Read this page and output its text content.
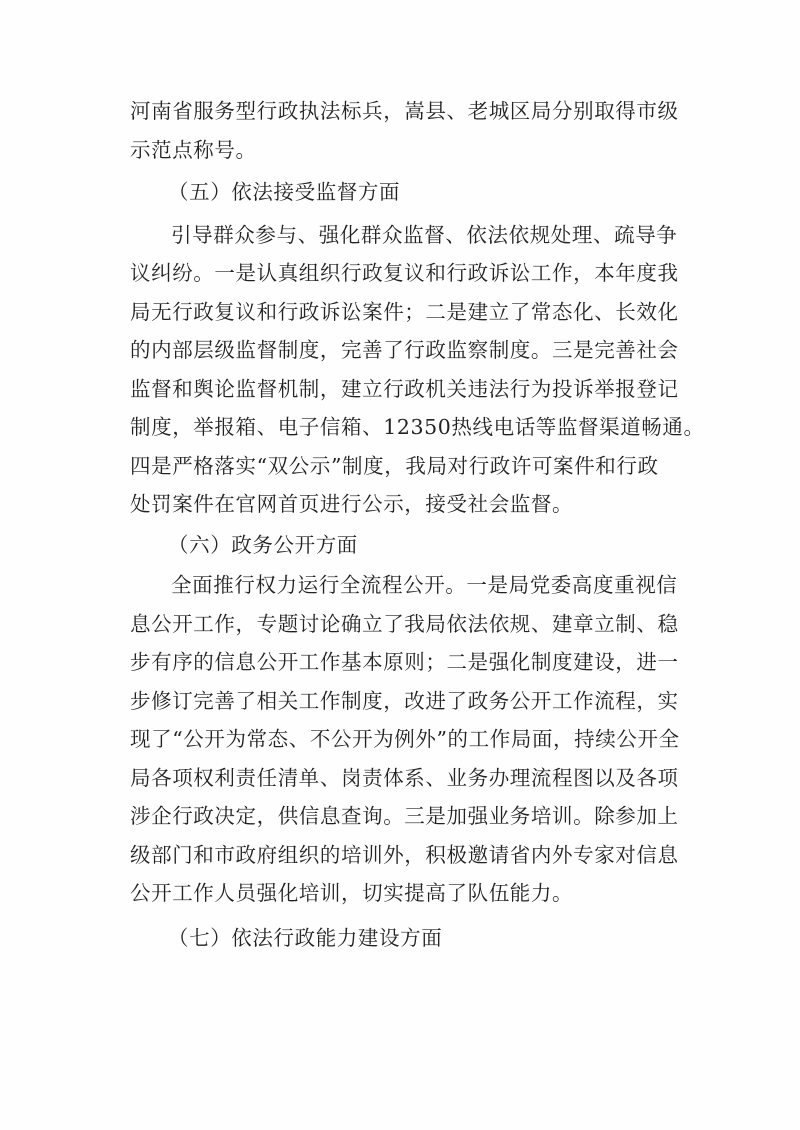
河南省服务型行政执法标兵，嵩县、老城区局分别取得市级
示范点称号。
（五）依法接受监督方面
引导群众参与、强化群众监督、依法依规处理、疏导争
议纠纷。一是认真组织行政复议和行政诉讼工作，本年度我
局无行政复议和行政诉讼案件；二是建立了常态化、长效化
的内部层级监督制度，完善了行政监察制度。三是完善社会
监督和舆论监督机制，建立行政机关违法行为投诉举报登记
制度，举报箱、电子信箱、12350热线电话等监督渠道畅通。
四是严格落实“双公示”制度，我局对行政许可案件和行政
处罚案件在官网首页进行公示，接受社会监督。
（六）政务公开方面
全面推行权力运行全流程公开。一是局党委高度重视信
息公开工作，专题讨论确立了我局依法依规、建章立制、稳
步有序的信息公开工作基本原则；二是强化制度建设，进一
步修订完善了相关工作制度，改进了政务公开工作流程，实
现了“公开为常态、不公开为例外”的工作局面，持续公开全
局各项权利责任清单、岗责体系、业务办理流程图以及各项
涉企行政决定，供信息查询。三是加强业务培训。除参加上
级部门和市政府组织的培训外，积极邀请省内外专家对信息
公开工作人员强化培训，切实提高了队伍能力。
（七）依法行政能力建设方面
